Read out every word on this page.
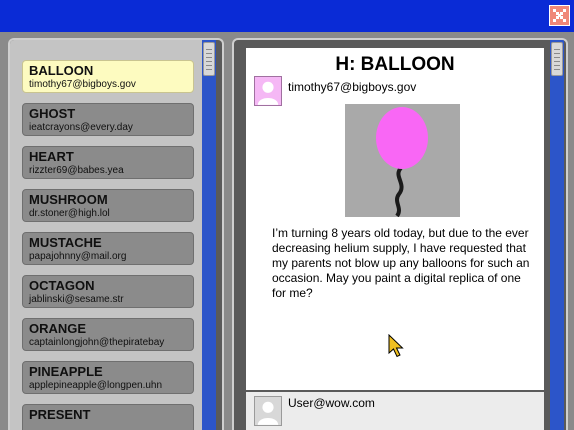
BALLOON
timothy67@bigboys.gov
GHOST
ieatcrayons@every.day
HEART
rizzter69@babes.yea
MUSHROOM
dr.stoner@high.lol
MUSTACHE
papajohnny@mail.org
OCTAGON
jablinski@sesame.str
ORANGE
captainlongjohn@thepiratebay
PINEAPPLE
applepineapple@longpen.uhn
PRESENT
H: BALLOON
timothy67@bigboys.gov
I’m turning 8 years old today, but due to the ever decreasing helium supply, I have requested that my parents not blow up any balloons for such an occasion. May you paint a digital replica of one for me?
User@wow.com
